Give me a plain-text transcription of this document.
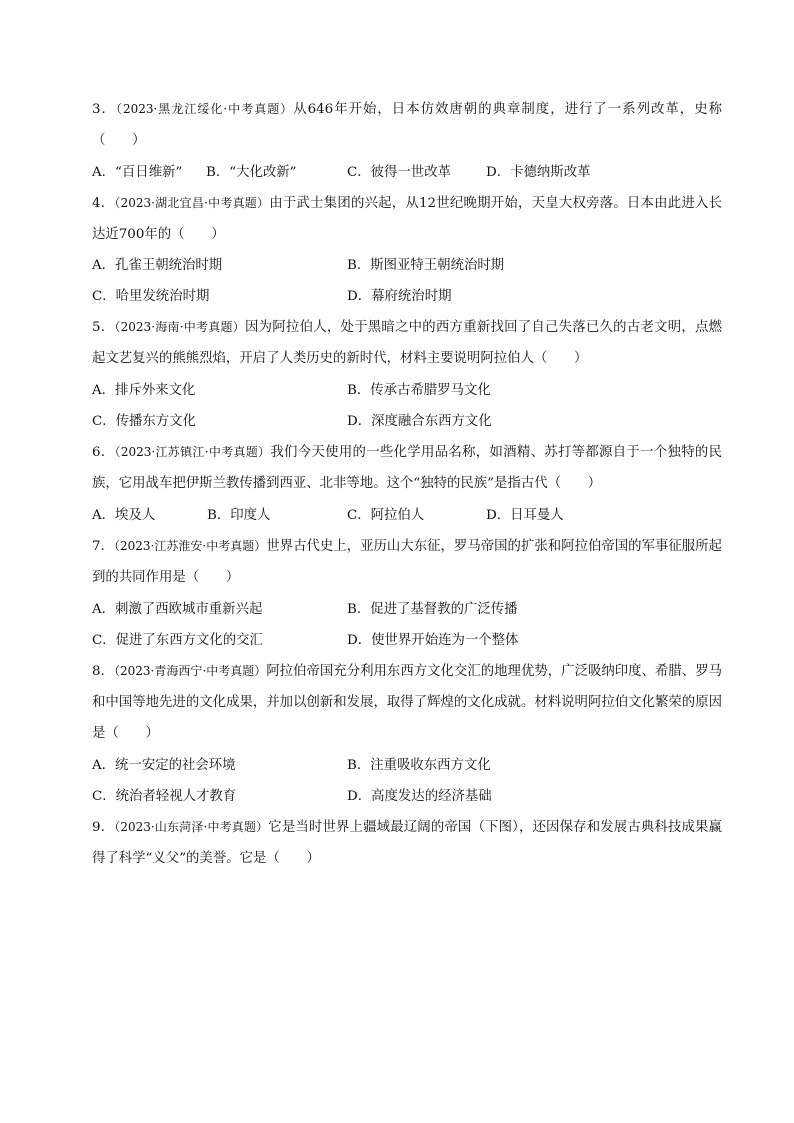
3．（2023·黑龙江绥化·中考真题）从646年开始，日本仿效唐朝的典章制度，进行了一系列改革，史称（　　）
A．“百日维新” B．“大化改新”	C．彼得一世改革	D．卡德纳斯改革
4．（2023·湖北宜昌·中考真题）由于武士集团的兴起，从12世纪晚期开始，天皇大权旁落。日本由此进入长达近700年的（　　）
A．孔雀王朝统治时期	B．斯图亚特王朝统治时期
C．哈里发统治时期	D．幕府统治时期
5．（2023·海南·中考真题）因为阿拉伯人，处于黑暗之中的西方重新找回了自己失落已久的古老文明，点燃起文艺复兴的熊熊烈焰，开启了人类历史的新时代，材料主要说明阿拉伯人（　　）
A．排斥外来文化	B．传承古希腊罗马文化
C．传播东方文化	D．深度融合东西方文化
6．（2023·江苏镇江·中考真题）我们今天使用的一些化学用品名称，如酒精、苏打等都源自于一个独特的民族，它用战车把伊斯兰教传播到西亚、北非等地。这个“独特的民族”是指古代（　　）
A．埃及人	B．印度人	C．阿拉伯人	D．日耳曼人
7．（2023·江苏淮安·中考真题）世界古代史上，亚历山大东征，罗马帝国的扩张和阿拉伯帝国的军事征服所起到的共同作用是（　　）
A．刺激了西欧城市重新兴起	B．促进了基督教的广泛传播
C．促进了东西方文化的交汇	D．使世界开始连为一个整体
8．（2023·青海西宁·中考真题）阿拉伯帝国充分利用东西方文化交汇的地理优势，广泛吸纳印度、希腊、罗马和中国等地先进的文化成果，并加以创新和发展，取得了辉煌的文化成就。材料说明阿拉伯文化繁荣的原因是（　　）
A．统一安定的社会环境	B．注重吸收东西方文化
C．统治者轻视人才教育	D．高度发达的经济基础
9．（2023·山东菏泽·中考真题）它是当时世界上疆域最辽阔的帝国（下图），还因保存和发展古典科技成果赢得了科学“义父”的美誉。它是（　　）
